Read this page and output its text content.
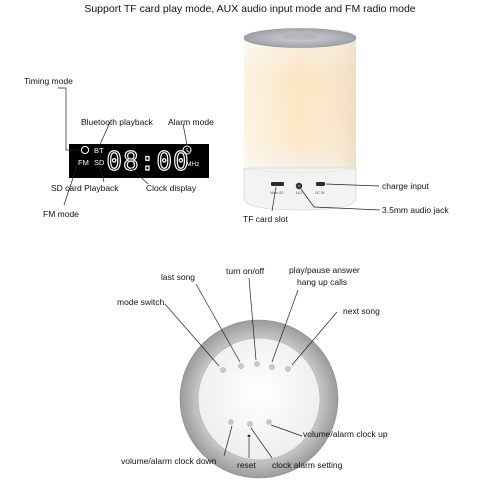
Support TF card play mode, AUX audio input mode and FM radio mode
Micro SD	AUX	DC 5V
BT
FM SD 08:00
MHz
Timing mode
Bluetooth playback Alarm mode
SD card Playback	Clock display
FM mode	TF card slot
charge input
3.5mm audio jack
turn on/off
last song
play/pause answer
hang up calls
mode switch
next song
volume/alarm clock up
volume/alarm clock down reset clock alarm setting
